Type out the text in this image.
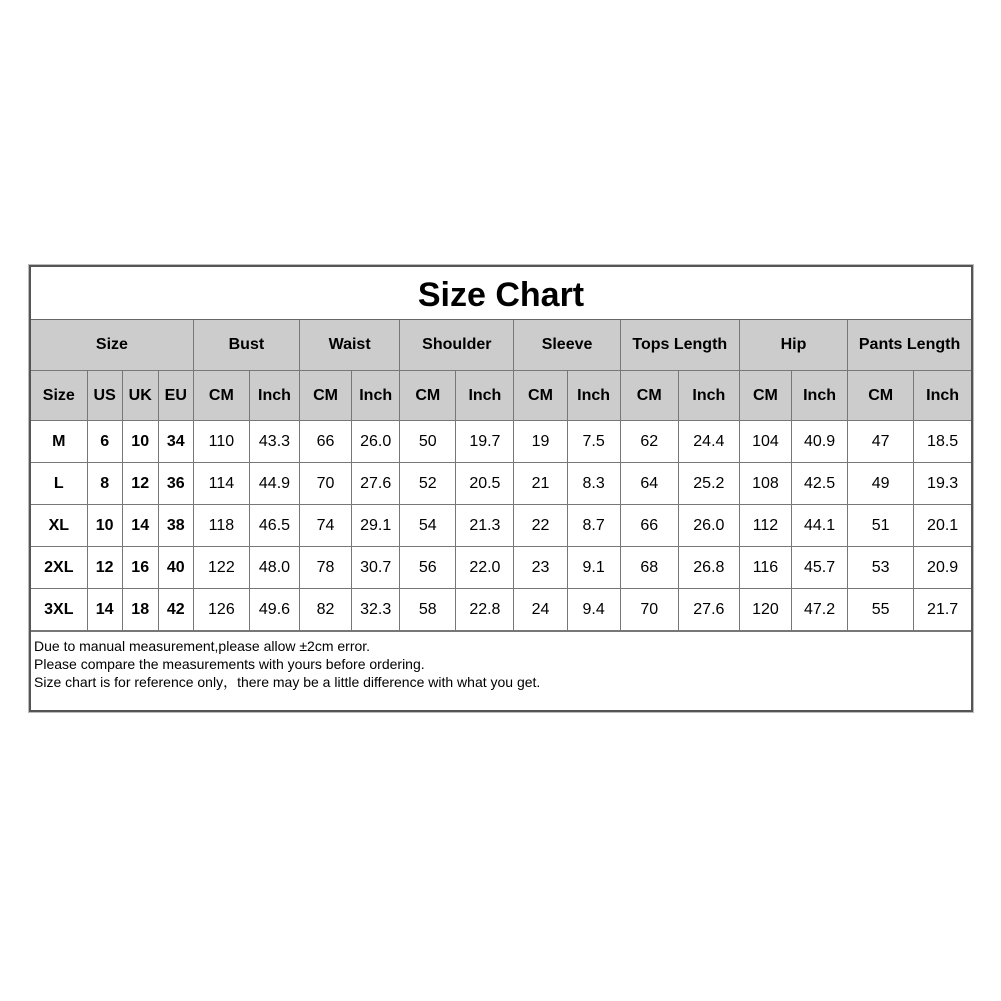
Size Chart
Size				Bust		Waist		Shoulder		Sleeve		Tops Length		Hip		Pants Length	
Size	US	UK	EU	CM	Inch	CM	Inch	CM	Inch	CM	Inch	CM	Inch	CM	Inch	CM	Inch
M	6	10	34	110	43.3	66	26.0	50	19.7	19	7.5	62	24.4	104	40.9	47	18.5
L	8	12	36	114	44.9	70	27.6	52	20.5	21	8.3	64	25.2	108	42.5	49	19.3
XL	10	14	38	118	46.5	74	29.1	54	21.3	22	8.7	66	26.0	112	44.1	51	20.1
2XL	12	16	40	122	48.0	78	30.7	56	22.0	23	9.1	68	26.8	116	45.7	53	20.9
3XL	14	18	42	126	49.6	82	32.3	58	22.8	24	9.4	70	27.6	120	47.2	55	21.7
Due to manual measurement,please allow ±2cm error.
Please compare the measurements with yours before ordering.
Size chart is for reference only，there may be a little difference with what you get.
